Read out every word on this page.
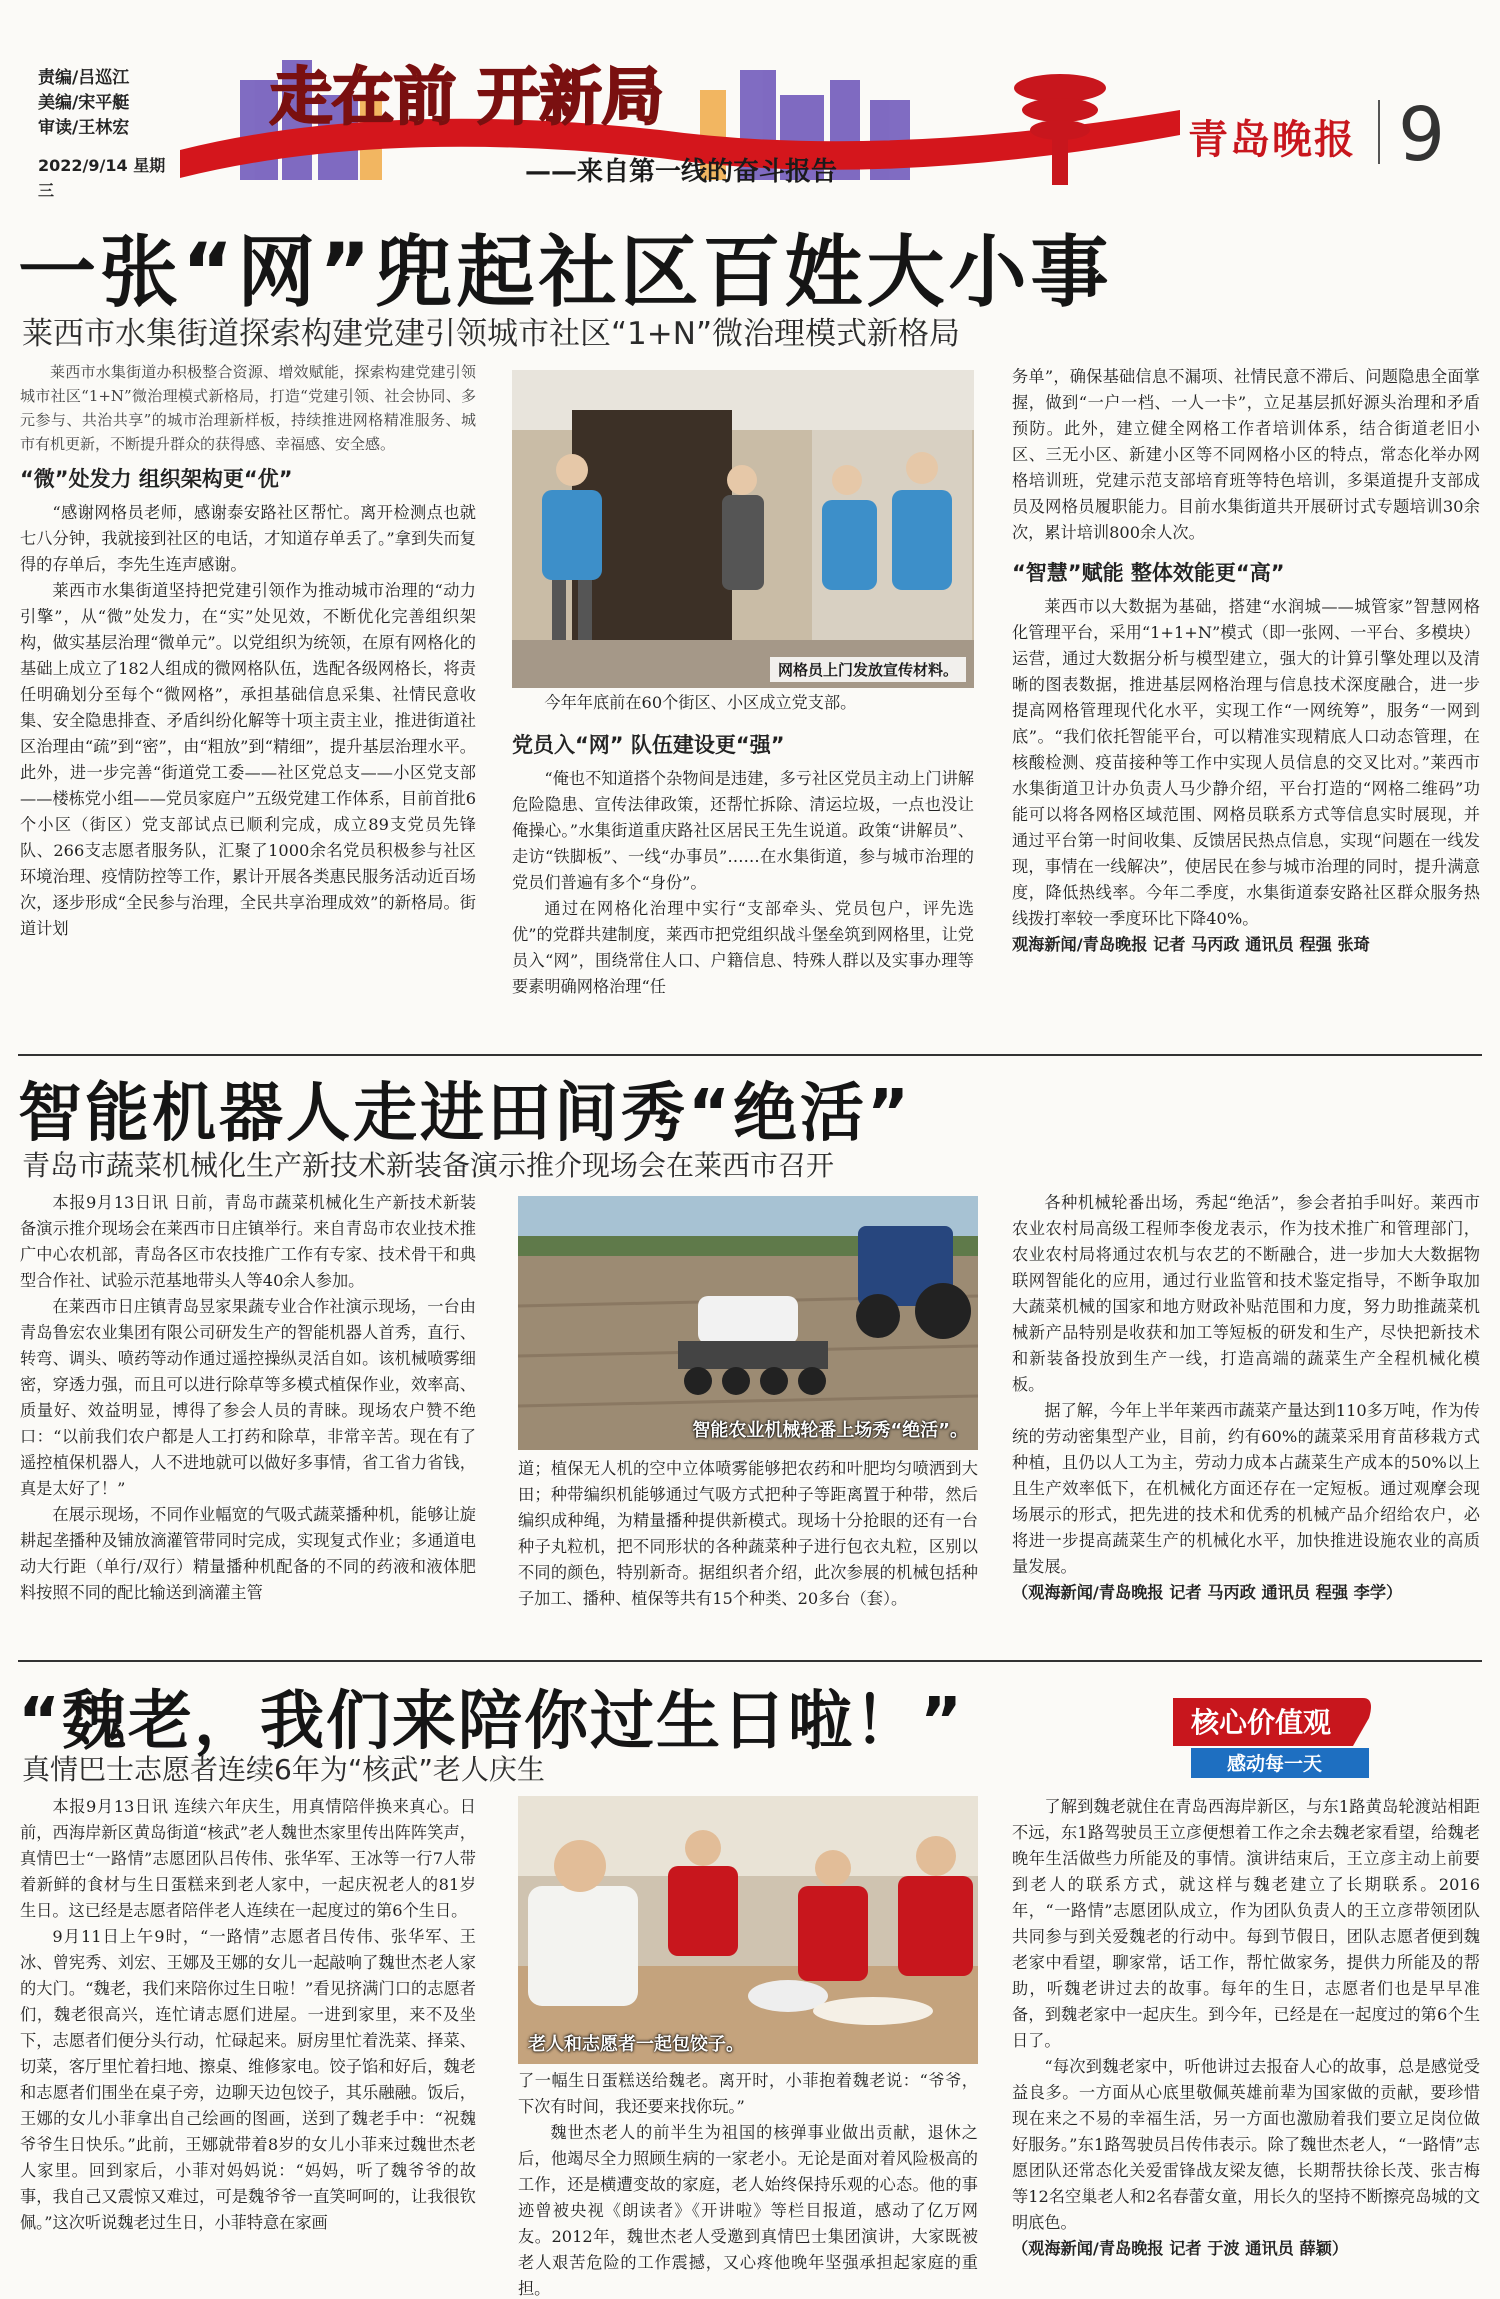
责编/吕巡江
美编/宋平艇
审读/王林宏
2022/9/14 星期三
走在前 开新局
——来自第一线的奋斗报告
青岛晚报 9
一张“网”兜起社区百姓大小事
莱西市水集街道探索构建党建引领城市社区“1+N”微治理模式新格局

莱西市水集街道办积极整合资源、增效赋能，探索构建党建引领城市社区“1+N”微治理模式新格局，打造“党建引领、社会协同、多元参与、共治共享”的城市治理新样板，持续推进网格精准服务、城市有机更新，不断提升群众的获得感、幸福感、安全感。

“微”处发力 组织架构更“优”

“感谢网格员老师，感谢泰安路社区帮忙。离开检测点也就七八分钟，我就接到社区的电话，才知道存单丢了。”拿到失而复得的存单后，李先生连声感谢。

莱西市水集街道坚持把党建引领作为推动城市治理的“动力引擎”，从“微”处发力，在“实”处见效，不断优化完善组织架构，做实基层治理“微单元”。以党组织为统领，在原有网格化的基础上成立了182人组成的微网格队伍，选配各级网格长，将责任明确划分至每个“微网格”，承担基础信息采集、社情民意收集、安全隐患排查、矛盾纠纷化解等十项主责主业，推进街道社区治理由“疏”到“密”，由“粗放”到“精细”，提升基层治理水平。此外，进一步完善“街道党工委——社区党总支——小区党支部——楼栋党小组——党员家庭户”五级党建工作体系，目前首批6个小区（街区）党支部试点已顺利完成，成立89支党员先锋队、266支志愿者服务队，汇聚了1000余名党员积极参与社区环境治理、疫情防控等工作，累计开展各类惠民服务活动近百场次，逐步形成“全民参与治理，全民共享治理成效”的新格局。街道计划

网格员上门发放宣传材料。

今年年底前在60个街区、小区成立党支部。

党员入“网” 队伍建设更“强”

“俺也不知道搭个杂物间是违建，多亏社区党员主动上门讲解危险隐患、宣传法律政策，还帮忙拆除、清运垃圾，一点也没让俺操心。”水集街道重庆路社区居民王先生说道。政策“讲解员”、走访“铁脚板”、一线“办事员”……在水集街道，参与城市治理的党员们普遍有多个“身份”。

通过在网格化治理中实行“支部牵头、党员包户，评先选优”的党群共建制度，莱西市把党组织战斗堡垒筑到网格里，让党员入“网”，围绕常住人口、户籍信息、特殊人群以及实事办理等要素明确网格治理“任

务单”，确保基础信息不漏项、社情民意不滞后、问题隐患全面掌握，做到“一户一档、一人一卡”，立足基层抓好源头治理和矛盾预防。此外，建立健全网格工作者培训体系，结合街道老旧小区、三无小区、新建小区等不同网格小区的特点，常态化举办网格培训班，党建示范支部培育班等特色培训，多渠道提升支部成员及网格员履职能力。目前水集街道共开展研讨式专题培训30余次，累计培训800余人次。

“智慧”赋能 整体效能更“高”

莱西市以大数据为基础，搭建“水润城——城管家”智慧网格化管理平台，采用“1+1+N”模式（即一张网、一平台、多模块）运营，通过大数据分析与模型建立，强大的计算引擎处理以及清晰的图表数据，推进基层网格治理与信息技术深度融合，进一步提高网格管理现代化水平，实现工作“一网统筹”，服务“一网到底”。“我们依托智能平台，可以精准实现精底人口动态管理，在核酸检测、疫苗接种等工作中实现人员信息的交叉比对。”莱西市水集街道卫计办负责人马少静介绍，平台打造的“网格二维码”功能可以将各网格区域范围、网格员联系方式等信息实时展现，并通过平台第一时间收集、反馈居民热点信息，实现“问题在一线发现，事情在一线解决”，使居民在参与城市治理的同时，提升满意度，降低热线率。今年二季度，水集街道泰安路社区群众服务热线拨打率较一季度环比下降40%。

观海新闻/青岛晚报 记者 马丙政 通讯员 程强 张琦

智能机器人走进田间秀“绝活”
青岛市蔬菜机械化生产新技术新装备演示推介现场会在莱西市召开

本报9月13日讯 日前，青岛市蔬菜机械化生产新技术新装备演示推介现场会在莱西市日庄镇举行。来自青岛市农业技术推广中心农机部，青岛各区市农技推广工作有专家、技术骨干和典型合作社、试验示范基地带头人等40余人参加。

在莱西市日庄镇青岛昱家果蔬专业合作社演示现场，一台由青岛鲁宏农业集团有限公司研发生产的智能机器人首秀，直行、转弯、调头、喷药等动作通过遥控操纵灵活自如。该机械喷雾细密，穿透力强，而且可以进行除草等多模式植保作业，效率高、质量好、效益明显，博得了参会人员的青睐。现场农户赞不绝口：“以前我们农户都是人工打药和除草，非常辛苦。现在有了遥控植保机器人，人不进地就可以做好多事情，省工省力省钱，真是太好了！”

在展示现场，不同作业幅宽的气吸式蔬菜播种机，能够让旋耕起垄播种及铺放滴灌管带同时完成，实现复式作业；多通道电动大行距（单行/双行）精量播种机配备的不同的药液和液体肥料按照不同的配比输送到滴灌主管

智能农业机械轮番上场秀“绝活”。

道；植保无人机的空中立体喷雾能够把农药和叶肥均匀喷洒到大田；种带编织机能够通过气吸方式把种子等距离置于种带，然后编织成种绳，为精量播种提供新模式。现场十分抢眼的还有一台种子丸粒机，把不同形状的各种蔬菜种子进行包衣丸粒，区别以不同的颜色，特别新奇。据组织者介绍，此次参展的机械包括种子加工、播种、植保等共有15个种类、20多台（套）。

各种机械轮番出场，秀起“绝活”，参会者拍手叫好。莱西市农业农村局高级工程师李俊龙表示，作为技术推广和管理部门，农业农村局将通过农机与农艺的不断融合，进一步加大大数据物联网智能化的应用，通过行业监管和技术鉴定指导，不断争取加大蔬菜机械的国家和地方财政补贴范围和力度，努力助推蔬菜机械新产品特别是收获和加工等短板的研发和生产，尽快把新技术和新装备投放到生产一线，打造高端的蔬菜生产全程机械化模板。

据了解，今年上半年莱西市蔬菜产量达到110多万吨，作为传统的劳动密集型产业，目前，约有60%的蔬菜采用育苗移栽方式种植，且仍以人工为主，劳动力成本占蔬菜生产成本的50%以上且生产效率低下，在机械化方面还存在一定短板。通过观摩会现场展示的形式，把先进的技术和优秀的机械产品介绍给农户，必将进一步提高蔬菜生产的机械化水平，加快推进设施农业的高质量发展。

（观海新闻/青岛晚报 记者 马丙政 通讯员 程强 李学）

“魏老，我们来陪你过生日啦！”
真情巴士志愿者连续6年为“核武”老人庆生
核心价值观
感动每一天

本报9月13日讯 连续六年庆生，用真情陪伴换来真心。日前，西海岸新区黄岛街道“核武”老人魏世杰家里传出阵阵笑声，真情巴士“一路情”志愿团队吕传伟、张华军、王冰等一行7人带着新鲜的食材与生日蛋糕来到老人家中，一起庆祝老人的81岁生日。这已经是志愿者陪伴老人连续在一起度过的第6个生日。

9月11日上午9时，“一路情”志愿者吕传伟、张华军、王冰、曾宪秀、刘宏、王娜及王娜的女儿一起敲响了魏世杰老人家的大门。“魏老，我们来陪你过生日啦！”看见挤满门口的志愿者们，魏老很高兴，连忙请志愿们进屋。一进到家里，来不及坐下，志愿者们便分头行动，忙碌起来。厨房里忙着洗菜、择菜、切菜，客厅里忙着扫地、擦桌、维修家电。饺子馅和好后，魏老和志愿者们围坐在桌子旁，边聊天边包饺子，其乐融融。饭后，王娜的女儿小菲拿出自己绘画的图画，送到了魏老手中：“祝魏爷爷生日快乐。”此前，王娜就带着8岁的女儿小菲来过魏世杰老人家里。回到家后，小菲对妈妈说：“妈妈，听了魏爷爷的故事，我自己又震惊又难过，可是魏爷爷一直笑呵呵的，让我很钦佩。”这次听说魏老过生日，小菲特意在家画

老人和志愿者一起包饺子。

了一幅生日蛋糕送给魏老。离开时，小菲抱着魏老说：“爷爷，下次有时间，我还要来找你玩。”

魏世杰老人的前半生为祖国的核弹事业做出贡献，退休之后，他竭尽全力照顾生病的一家老小。无论是面对着风险极高的工作，还是横遭变故的家庭，老人始终保持乐观的心态。他的事迹曾被央视《朗读者》《开讲啦》等栏目报道，感动了亿万网友。2012年，魏世杰老人受邀到真情巴士集团演讲，大家既被老人艰苦危险的工作震撼，又心疼他晚年坚强承担起家庭的重担。

了解到魏老就住在青岛西海岸新区，与东1路黄岛轮渡站相距不远，东1路驾驶员王立彦便想着工作之余去魏老家看望，给魏老晚年生活做些力所能及的事情。演讲结束后，王立彦主动上前要到老人的联系方式，就这样与魏老建立了长期联系。2016年，“一路情”志愿团队成立，作为团队负责人的王立彦带领团队共同参与到关爱魏老的行动中。每到节假日，团队志愿者便到魏老家中看望，聊家常，话工作，帮忙做家务，提供力所能及的帮助，听魏老讲过去的故事。每年的生日，志愿者们也是早早准备，到魏老家中一起庆生。到今年，已经是在一起度过的第6个生日了。

“每次到魏老家中，听他讲过去报奋人心的故事，总是感觉受益良多。一方面从心底里敬佩英雄前辈为国家做的贡献，要珍惜现在来之不易的幸福生活，另一方面也激励着我们要立足岗位做好服务。”东1路驾驶员吕传伟表示。除了魏世杰老人，“一路情”志愿团队还常态化关爱雷锋战友梁友德，长期帮扶徐长茂、张吉梅等12名空巢老人和2名春蕾女童，用长久的坚持不断擦亮岛城的文明底色。

（观海新闻/青岛晚报 记者 于波 通讯员 薛颖）
